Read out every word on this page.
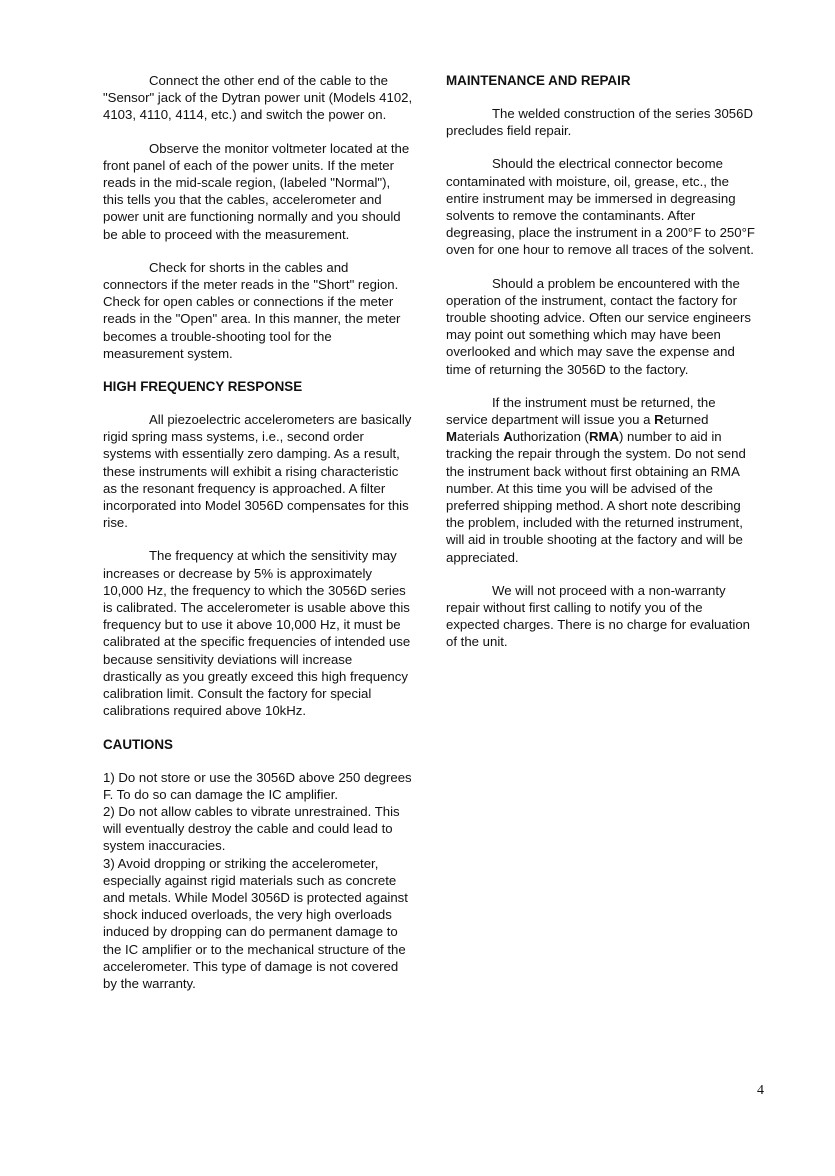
Connect the other end of the cable to the "Sensor" jack of the Dytran power unit (Models 4102, 4103, 4110, 4114, etc.) and switch the power on.

Observe the monitor voltmeter located at the front panel of each of the power units. If the meter reads in the mid-scale region, (labeled "Normal"), this tells you that the cables, accelerometer and power unit are functioning normally and you should be able to proceed with the measurement.

Check for shorts in the cables and connectors if the meter reads in the "Short" region. Check for open cables or connections if the meter reads in the "Open" area. In this manner, the meter becomes a trouble-shooting tool for the measurement system.

HIGH FREQUENCY RESPONSE

All piezoelectric accelerometers are basically rigid spring mass systems, i.e., second order systems with essentially zero damping. As a result, these instruments will exhibit a rising characteristic as the resonant frequency is approached. A filter incorporated into Model 3056D compensates for this rise.

The frequency at which the sensitivity may increases or decrease by 5% is approximately 10,000 Hz, the frequency to which the 3056D series is calibrated. The accelerometer is usable above this frequency but to use it above 10,000 Hz, it must be calibrated at the specific frequencies of intended use because sensitivity deviations will increase drastically as you greatly exceed this high frequency calibration limit. Consult the factory for special calibrations required above 10kHz.

CAUTIONS

1) Do not store or use the 3056D above 250 degrees F. To do so can damage the IC amplifier.

2) Do not allow cables to vibrate unrestrained. This will eventually destroy the cable and could lead to system inaccuracies.

3) Avoid dropping or striking the accelerometer, especially against rigid materials such as concrete and metals. While Model 3056D is protected against shock induced overloads, the very high overloads induced by dropping can do permanent damage to the IC amplifier or to the mechanical structure of the accelerometer. This type of damage is not covered by the warranty.

MAINTENANCE AND REPAIR

The welded construction of the series 3056D precludes field repair.

Should the electrical connector become contaminated with moisture, oil, grease, etc., the entire instrument may be immersed in degreasing solvents to remove the contaminants. After degreasing, place the instrument in a 200°F to 250°F oven for one hour to remove all traces of the solvent.

Should a problem be encountered with the operation of the instrument, contact the factory for trouble shooting advice. Often our service engineers may point out something which may have been overlooked and which may save the expense and time of returning the 3056D to the factory.

If the instrument must be returned, the service department will issue you a Returned Materials Authorization (RMA) number to aid in tracking the repair through the system. Do not send the instrument back without first obtaining an RMA number. At this time you will be advised of the preferred shipping method. A short note describing the problem, included with the returned instrument, will aid in trouble shooting at the factory and will be appreciated.

We will not proceed with a non-warranty repair without first calling to notify you of the expected charges. There is no charge for evaluation of the unit.

4
